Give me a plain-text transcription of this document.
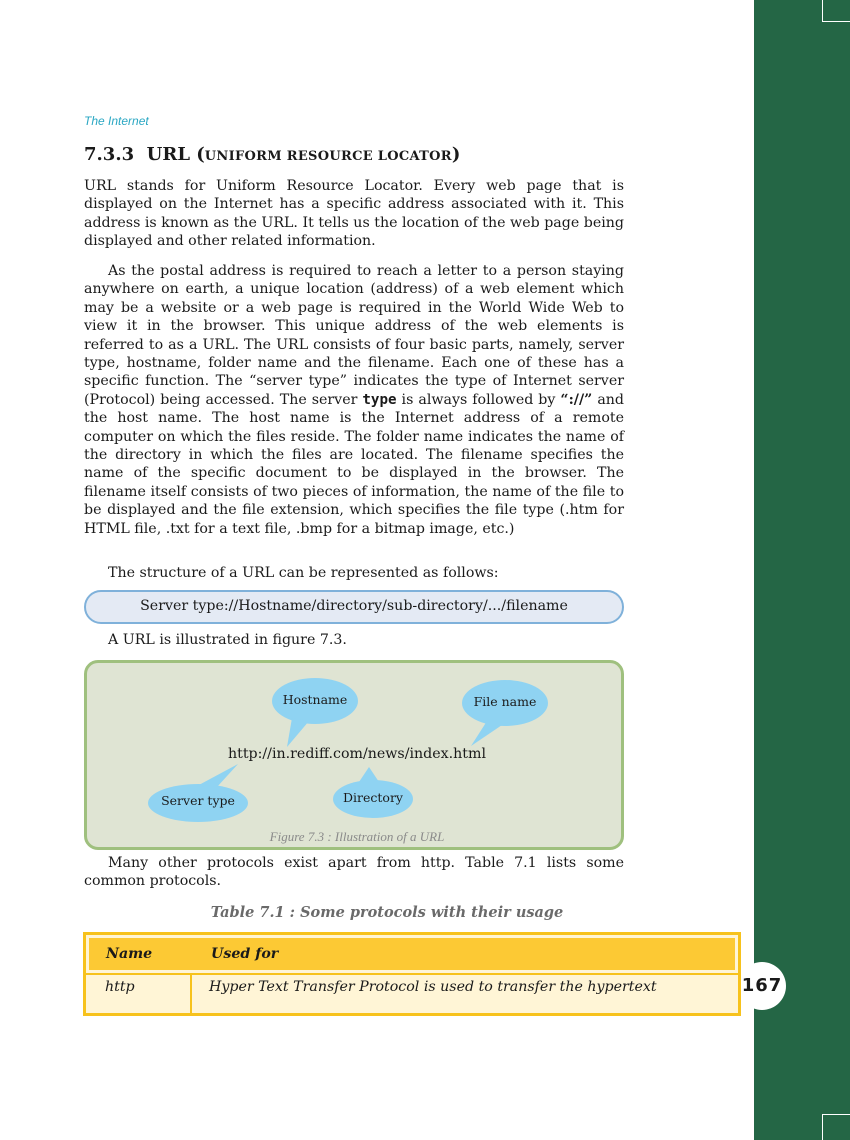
167
The Internet
7.3.3 URL (UNIFORM RESOURCE LOCATOR)

URL stands for Uniform Resource Locator. Every web page that is displayed on the Internet has a specific address associated with it. This address is known as the URL. It tells us the location of the web page being displayed and other related information.

As the postal address is required to reach a letter to a person staying anywhere on earth, a unique location (address) of a web element which may be a website or a web page is required in the World Wide Web to view it in the browser. This unique address of the web elements is referred to as a URL. The URL consists of four basic parts, namely, server type, hostname, folder name and the filename. Each one of these has a specific function. The “server type” indicates the type of Internet server (Protocol) being accessed. The server type is always followed by “://” and the host name. The host name is the Internet address of a remote computer on which the files reside. The folder name indicates the name of the directory in which the files are located. The filename specifies the name of the specific document to be displayed in the browser. The filename itself consists of two pieces of information, the name of the file to be displayed and the file extension, which specifies the file type (.htm for HTML file, .txt for a text file, .bmp for a bitmap image, etc.)

The structure of a URL can be represented as follows:

Server type://Hostname/directory/sub-directory/.../filename

A URL is illustrated in figure 7.3.

Hostname	File name
Server type	Directory
http://in.rediff.com/news/index.html
Figure 7.3 : Illustration of a URL

Many other protocols exist apart from http. Table 7.1 lists some common protocols.

Table 7.1 : Some protocols with their usage
Name	Used for
http	Hyper Text Transfer Protocol is used to transfer the hypertext
